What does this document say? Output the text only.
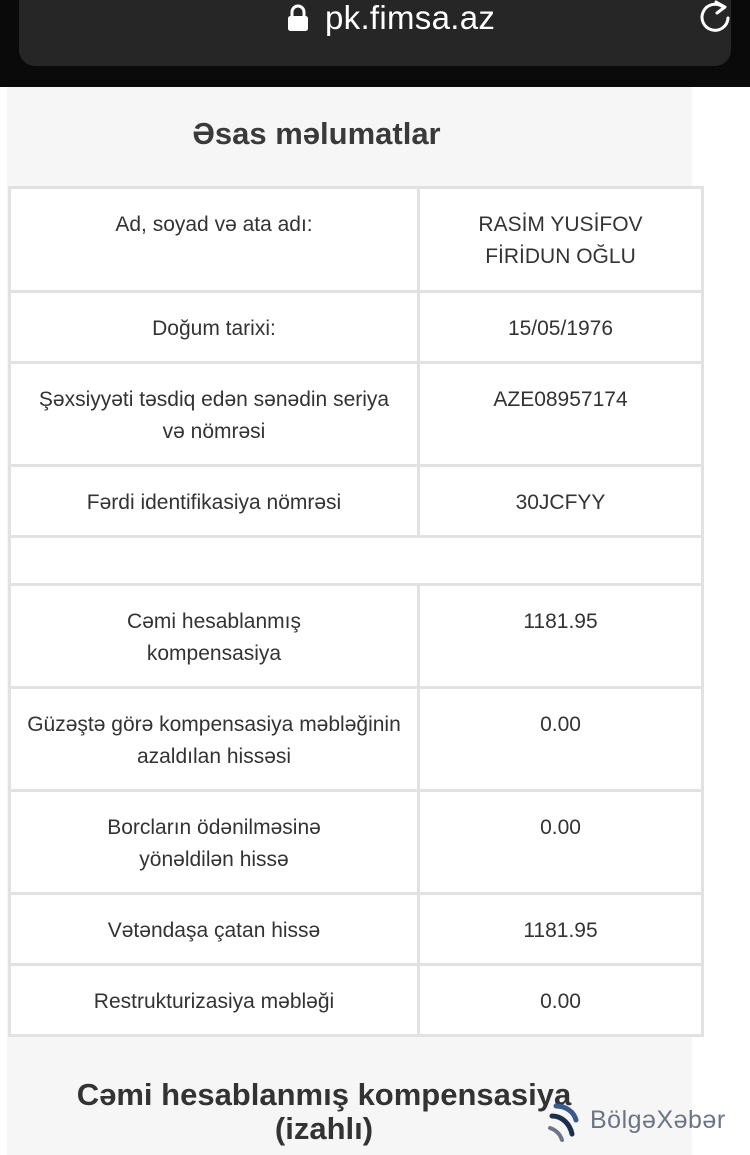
pk.fimsa.az
Əsas məlumatlar
Ad, soyad və ata adı:	RASİM YUSİFOV FİRİDUN OĞLU
Doğum tarixi:	15/05/1976
Şəxsiyyəti təsdiq edən sənədin seriya və nömrəsi	AZE08957174
Fərdi identifikasiya nömrəsi	30JCFYY

Cəmi hesablanmış kompensasiya	1181.95
Güzəştə görə kompensasiya məbləğinin azaldılan hissəsi	0.00
Borcların ödənilməsinə yönəldilən hissə	0.00
Vətəndaşa çatan hissə	1181.95
Restrukturizasiya məbləği	0.00
Cəmi hesablanmış kompensasiya (izahlı)	BölgəXəbər
